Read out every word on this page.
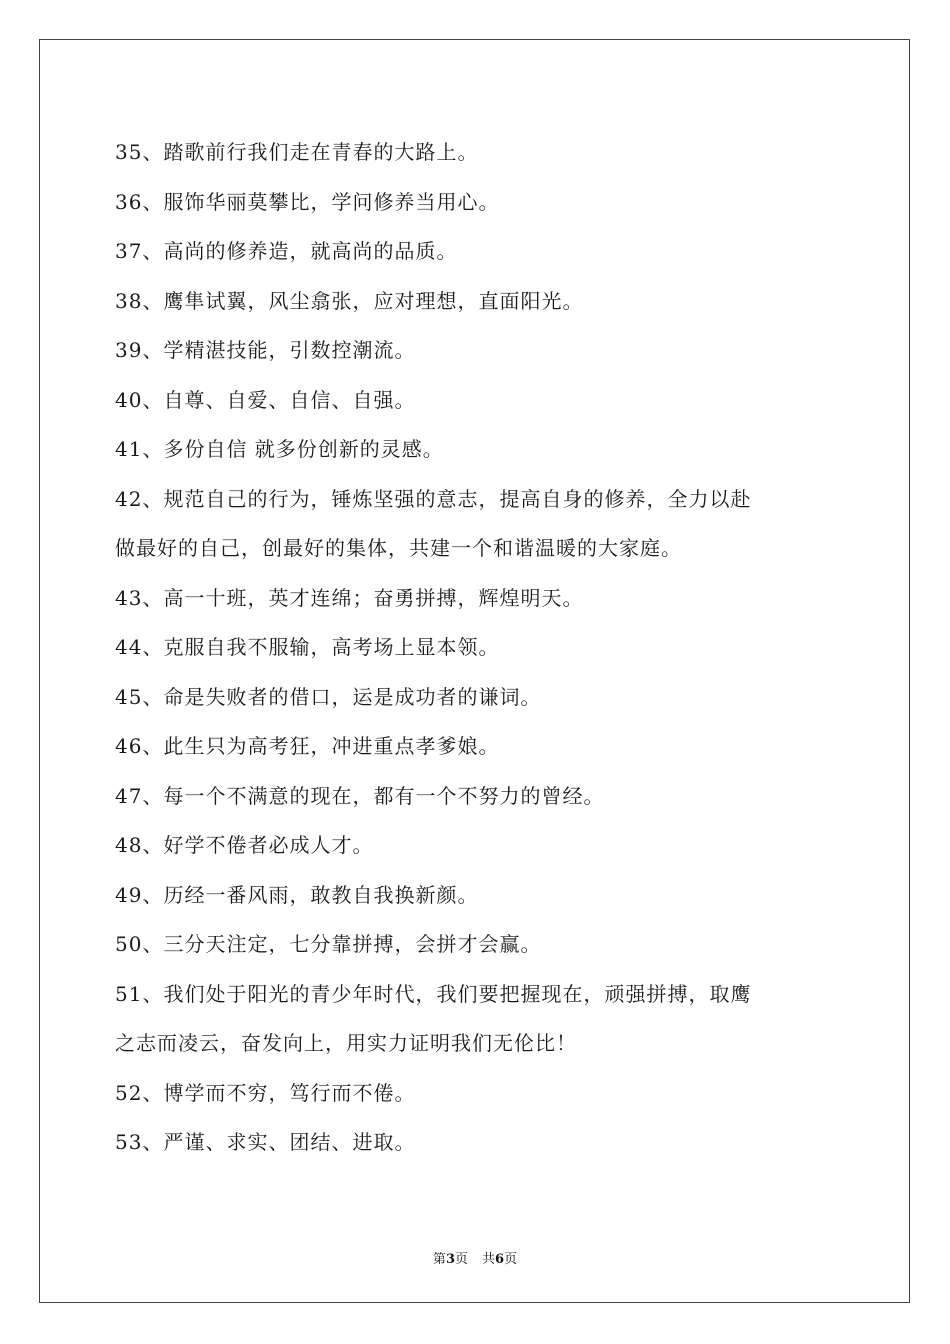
35、踏歌前行我们走在青春的大路上。
36、服饰华丽莫攀比，学问修养当用心。
37、高尚的修养造，就高尚的品质。
38、鹰隼试翼，风尘翕张，应对理想，直面阳光。
39、学精湛技能，引数控潮流。
40、自尊、自爱、自信、自强。
41、多份自信 就多份创新的灵感。
42、规范自己的行为，锤炼坚强的意志，提高自身的修养，全力以赴
做最好的自己，创最好的集体，共建一个和谐温暖的大家庭。
43、高一十班，英才连绵；奋勇拼搏，辉煌明天。
44、克服自我不服输，高考场上显本领。
45、命是失败者的借口，运是成功者的谦词。
46、此生只为高考狂，冲进重点孝爹娘。
47、每一个不满意的现在，都有一个不努力的曾经。
48、好学不倦者必成人才。
49、历经一番风雨，敢教自我换新颜。
50、三分天注定，七分靠拼搏，会拼才会赢。
51、我们处于阳光的青少年时代，我们要把握现在，顽强拼搏，取鹰
之志而凌云，奋发向上，用实力证明我们无伦比！
52、博学而不穷，笃行而不倦。
53、严谨、求实、团结、进取。
第3页 共6页
